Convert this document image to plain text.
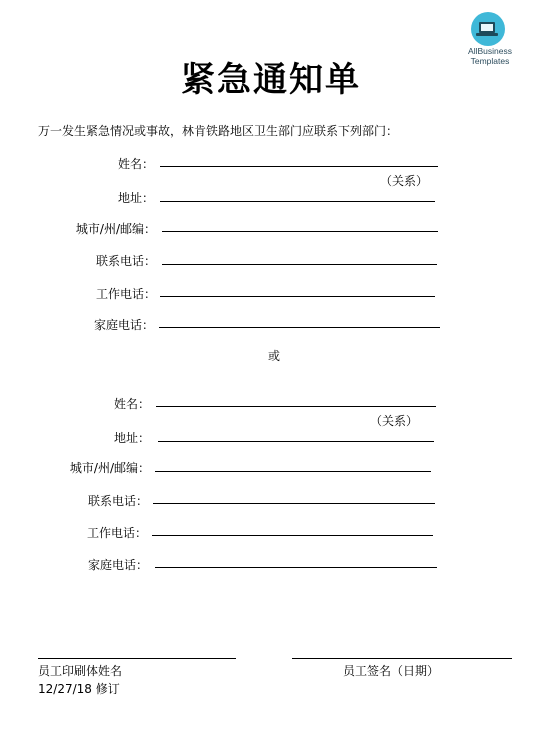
AllBusiness
Templates
紧急通知单
万一发生紧急情况或事故，林肯铁路地区卫生部门应联系下列部门：
姓名：
（关系）
地址：
城市/州/邮编：
联系电话：
工作电话：
家庭电话：
或
姓名：
（关系）
地址：
城市/州/邮编：
联系电话：
工作电话：
家庭电话：
员工印刷体姓名	员工签名（日期）
12/27/18 修订
